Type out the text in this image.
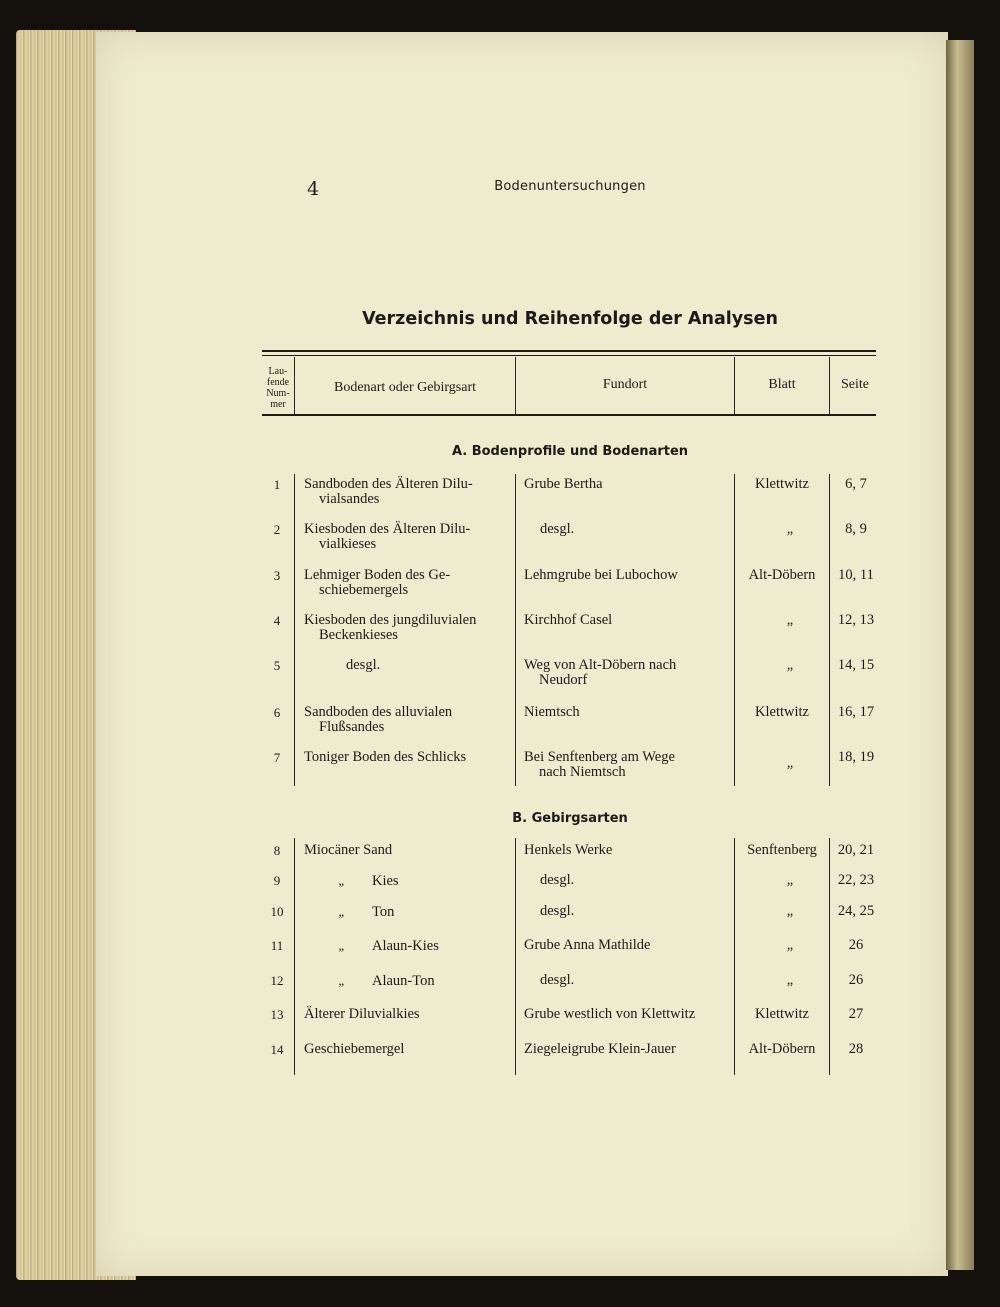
4	Bodenuntersuchungen
Verzeichnis und Reihenfolge der Analysen
Lau-
fende
Num-
mer
Bodenart oder Gebirgsart	Fundort	Blatt	Seite
A. Bodenprofile und Bodenarten
1	Sandboden des Älteren Dilu-
vialsandes
Grube Bertha	Klettwitz	6, 7
2	Kiesboden des Älteren Dilu-
vialkieses
desgl.	„	8, 9
3	Lehmiger Boden des Ge-
schiebemergels
Lehmgrube bei Lubochow	Alt-Döbern	10, 11
4	Kiesboden des jungdiluvialen
Beckenkieses
Kirchhof Casel	„	12, 13
5	desgl.	Weg von Alt-Döbern nach
Neudorf
„	14, 15
6	Sandboden des alluvialen
Flußsandes
Niemtsch	Klettwitz	16, 17
7	Toniger Boden des Schlicks	Bei Senftenberg am Wege
nach Niemtsch
„	18, 19
B. Gebirgsarten
8	Miocäner Sand	Henkels Werke	Senftenberg	20, 21
9	„ Kies	desgl.	„	22, 23
10	„ Ton	desgl.	„	24, 25
11	„ Alaun-Kies	Grube Anna Mathilde	„	26
12	„ Alaun-Ton	desgl.	„	26
13	Älterer Diluvialkies	Grube westlich von Klettwitz	Klettwitz	27
14	Geschiebemergel	Ziegeleigrube Klein-Jauer	Alt-Döbern	28
